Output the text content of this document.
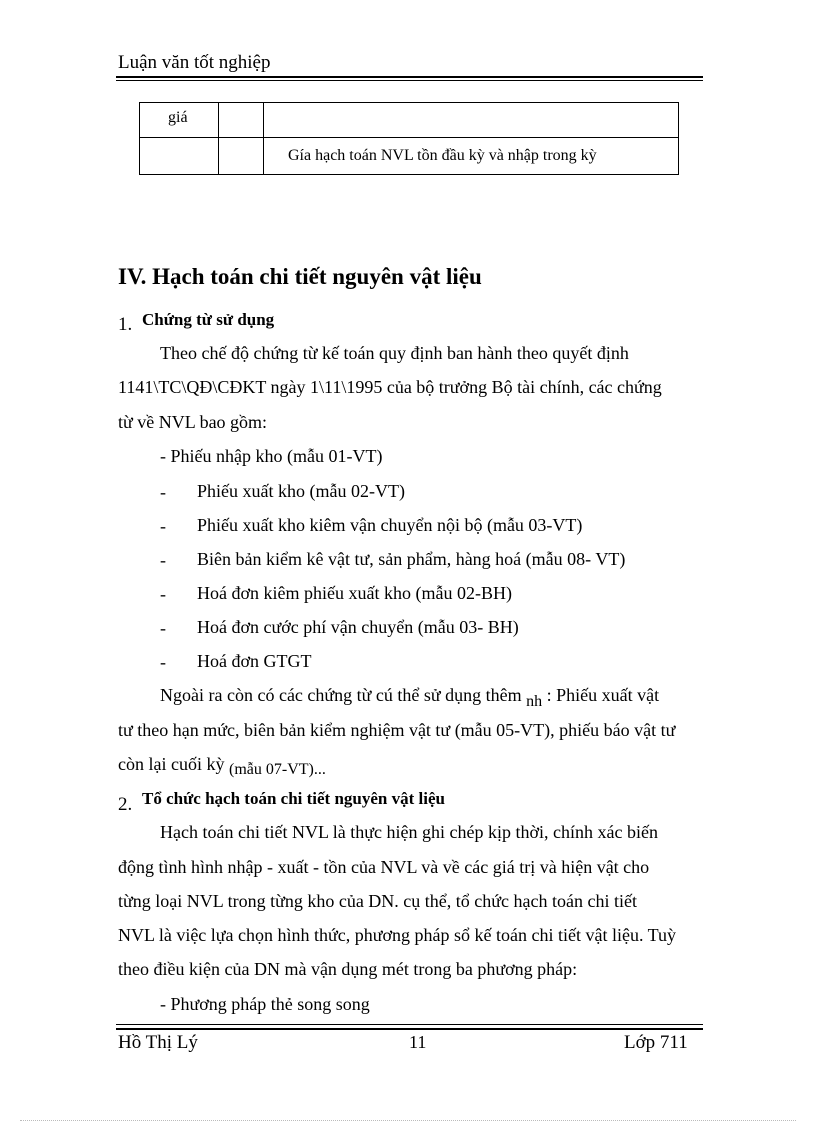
Luận văn tốt nghiệp
giá		
		Gía hạch toán NVL tồn đầu kỳ và nhập trong kỳ
IV. Hạch toán chi tiết nguyên vật liệu
1. Chứng từ sử dụng
Theo chế độ chứng từ kế toán quy định ban hành theo quyết định
1141\TC\QĐ\CĐKT ngày 1\11\1995 của bộ trưởng Bộ tài chính, các chứng
từ về NVL bao gồm:
- Phiếu nhập kho (mẫu 01-VT)
- Phiếu xuất kho (mẫu 02-VT)
- Phiếu xuất kho kiêm vận chuyển nội bộ (mẫu 03-VT)
- Biên bản kiểm kê vật tư, sản phẩm, hàng hoá (mẫu 08- VT)
- Hoá đơn kiêm phiếu xuất kho (mẫu 02-BH)
- Hoá đơn cước phí vận chuyển (mẫu 03- BH)
- Hoá đơn GTGT
Ngoài ra còn có các chứng từ cú thể sử dụng thêm nh : Phiếu xuất vật
tư theo hạn mức, biên bản kiểm nghiệm vật tư (mẫu 05-VT), phiếu báo vật tư
còn lại cuối kỳ (mẫu 07-VT)...
2. Tổ chức hạch toán chi tiết nguyên vật liệu
Hạch toán chi tiết NVL là thực hiện ghi chép kịp thời, chính xác biến
động tình hình nhập - xuất - tồn của NVL và về các giá trị và hiện vật cho
từng loại NVL trong từng kho của DN. cụ thể, tổ chức hạch toán chi tiết
NVL là việc lựa chọn hình thức, phương pháp sổ kế toán chi tiết vật liệu. Tuỳ
theo điều kiện của DN mà vận dụng mét trong ba phương pháp:
- Phương pháp thẻ song song
Hồ Thị Lý	11	Lớp 711
